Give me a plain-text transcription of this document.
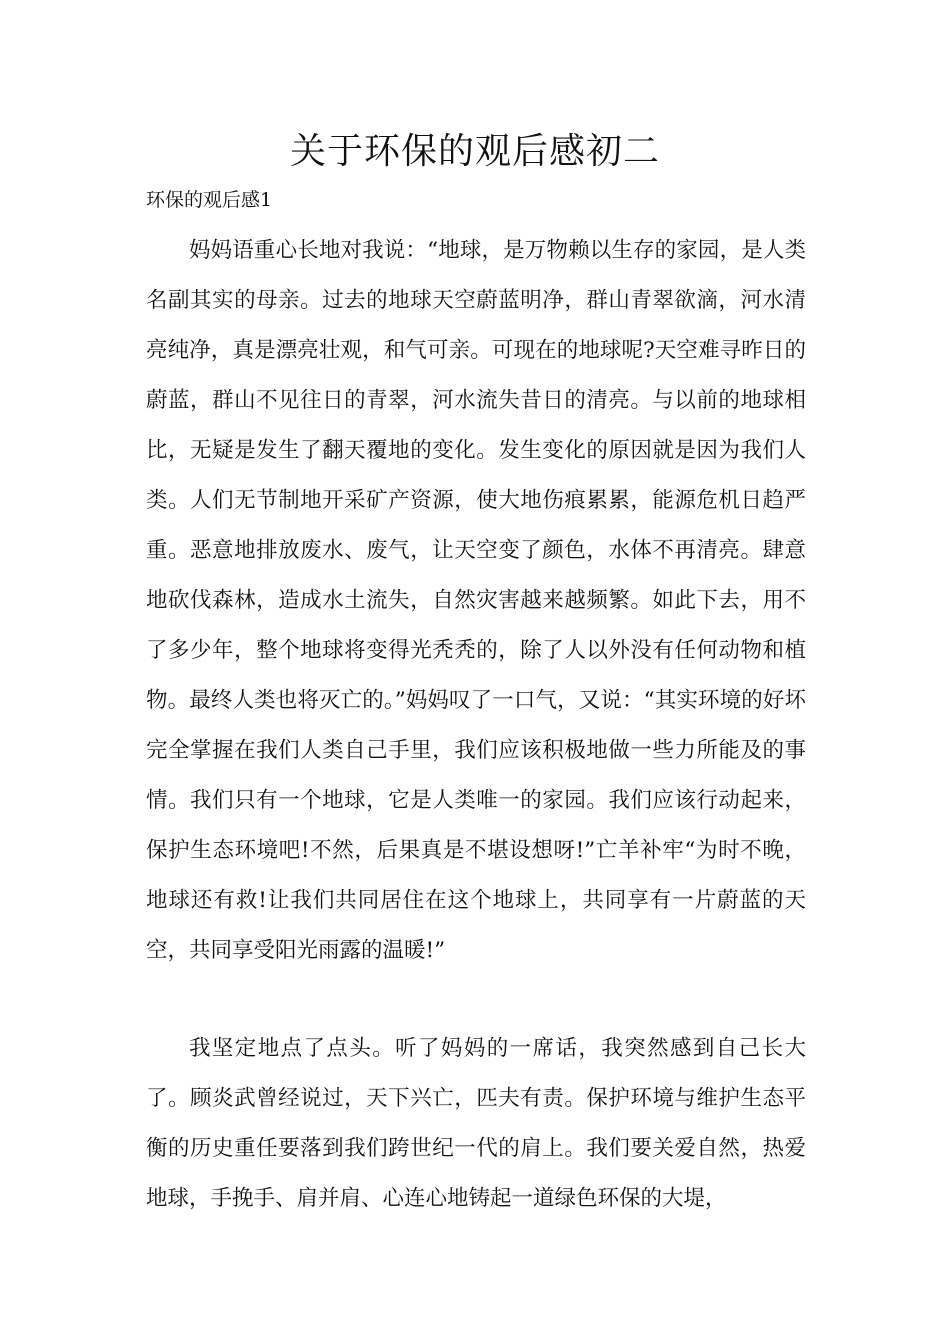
关于环保的观后感初二

环保的观后感1

妈妈语重心长地对我说：“地球，是万物赖以生存的家园，是人类名副其实的母亲。过去的地球天空蔚蓝明净，群山青翠欲滴，河水清亮纯净，真是漂亮壮观，和气可亲。可现在的地球呢?天空难寻昨日的蔚蓝，群山不见往日的青翠，河水流失昔日的清亮。与以前的地球相比，无疑是发生了翻天覆地的变化。发生变化的原因就是因为我们人类。人们无节制地开采矿产资源，使大地伤痕累累，能源危机日趋严重。恶意地排放废水、废气，让天空变了颜色，水体不再清亮。肆意地砍伐森林，造成水土流失，自然灾害越来越频繁。如此下去，用不了多少年，整个地球将变得光秃秃的，除了人以外没有任何动物和植物。最终人类也将灭亡的。”妈妈叹了一口气，又说：“其实环境的好坏完全掌握在我们人类自己手里，我们应该积极地做一些力所能及的事情。我们只有一个地球，它是人类唯一的家园。我们应该行动起来，保护生态环境吧!不然，后果真是不堪设想呀!”亡羊补牢“为时不晚，地球还有救!让我们共同居住在这个地球上，共同享有一片蔚蓝的天空，共同享受阳光雨露的温暖!”

我坚定地点了点头。听了妈妈的一席话，我突然感到自己长大了。顾炎武曾经说过，天下兴亡，匹夫有责。保护环境与维护生态平衡的历史重任要落到我们跨世纪一代的肩上。我们要关爱自然，热爱地球，手挽手、肩并肩、心连心地铸起一道绿色环保的大堤，
